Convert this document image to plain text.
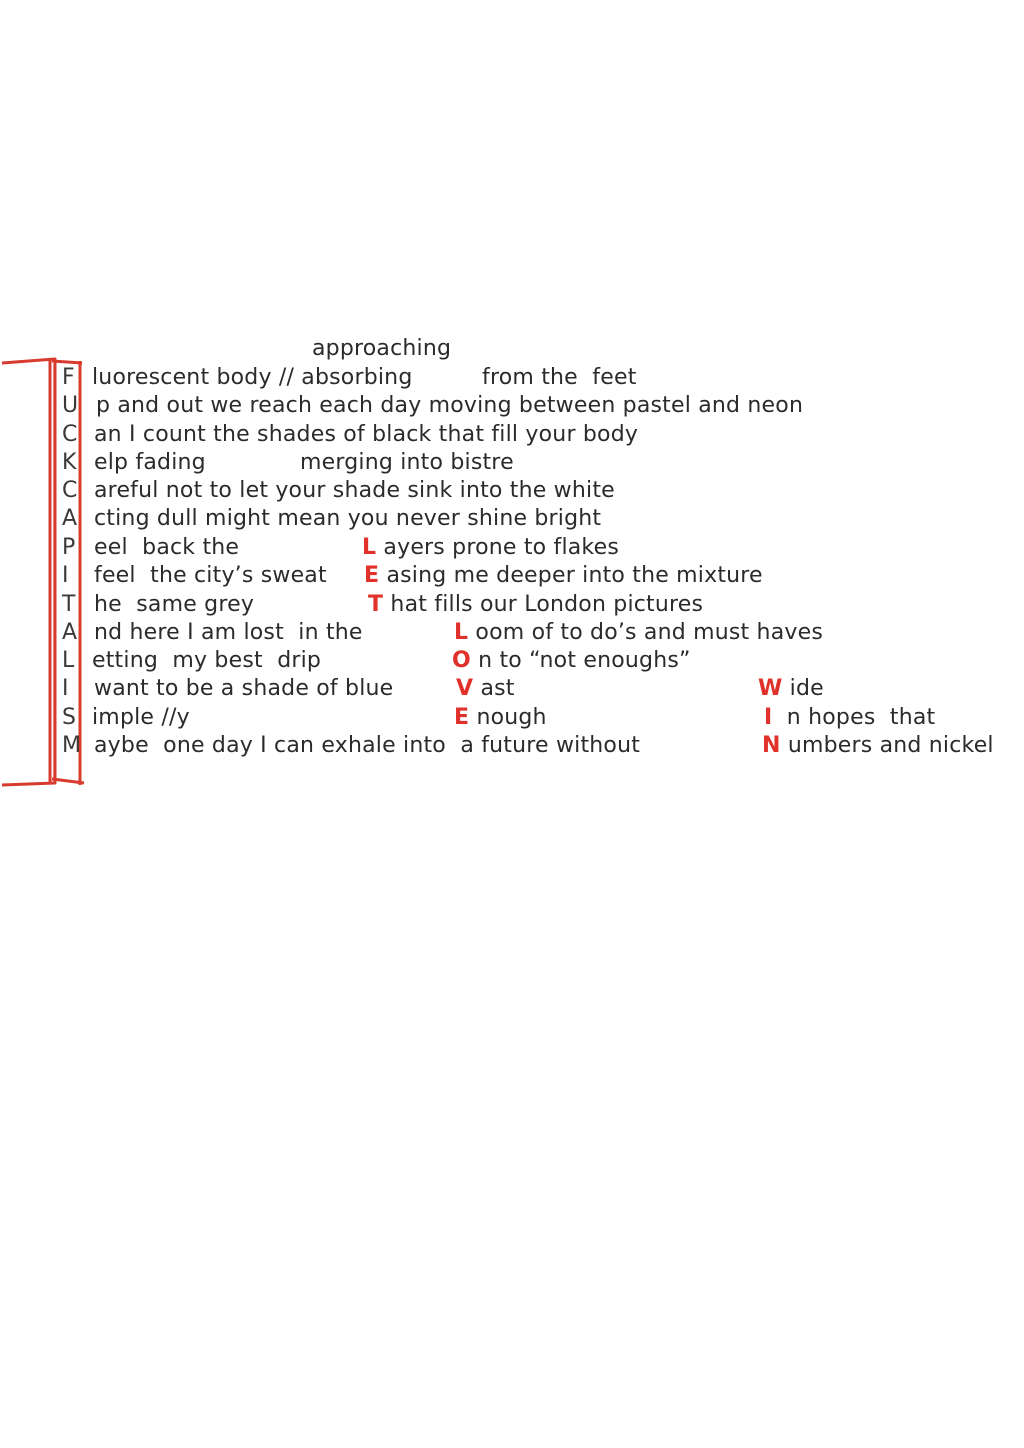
approaching
F
U
C
K
C
A
P
I
T
A
L
I
S
M
luorescent body // absorbing	from the  feet
p and out we reach each day moving between pastel and neon
an I count the shades of black that fill your body
elp fading	merging into bistre
areful not to let your shade sink into the white
cting dull might mean you never shine bright
eel  back the
feel  the city’s sweat
he  same grey
nd here I am lost  in the
etting  my best  drip
want to be a shade of blue
imple //y
aybe  one day I can exhale into  a future without
L ayers prone to flakes
E asing me deeper into the mixture
T hat fills our London pictures
L oom of to do’s and must haves
O n to “not enoughs”
V ast
E nough
W ide
I n hopes  that
N umbers and nickel
